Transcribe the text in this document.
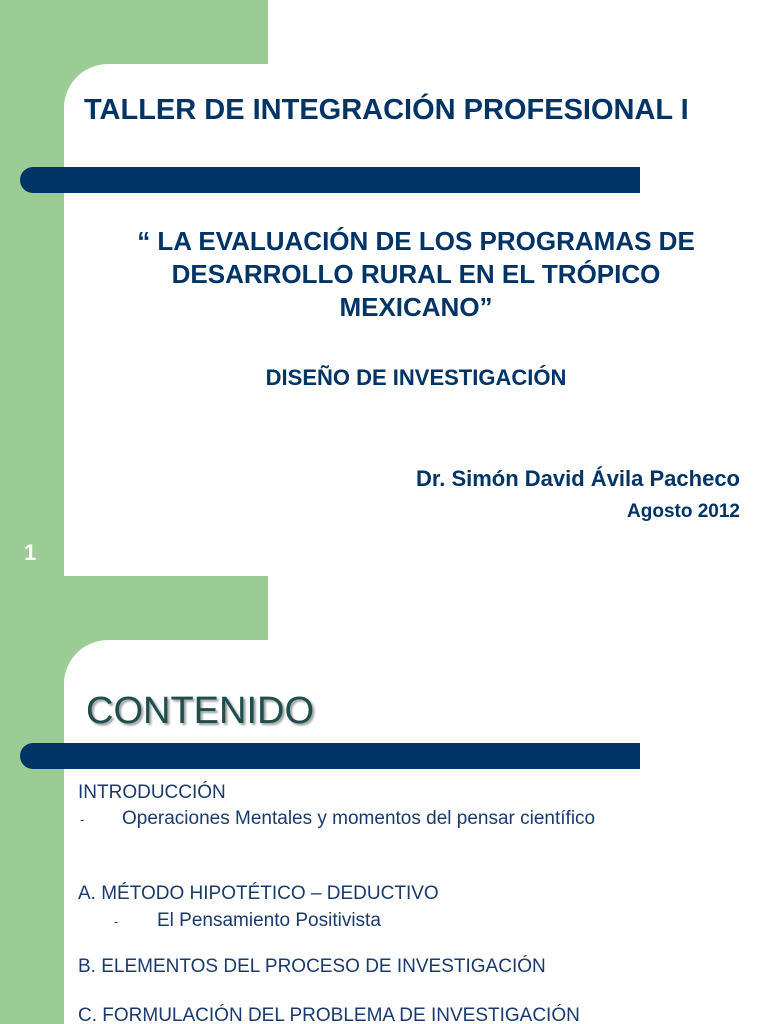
TALLER DE INTEGRACIÓN PROFESIONAL I
“ LA EVALUACIÓN DE LOS PROGRAMAS DE
DESARROLLO RURAL EN EL TRÓPICO
MEXICANO”
DISEÑO DE INVESTIGACIÓN
Dr. Simón David Ávila Pacheco
Agosto 2012
1
CONTENIDO
INTRODUCCIÓN
- Operaciones Mentales y momentos del pensar científico
A. MÉTODO HIPOTÉTICO – DEDUCTIVO
- El Pensamiento Positivista
B. ELEMENTOS DEL PROCESO DE INVESTIGACIÓN
C. FORMULACIÓN DEL PROBLEMA DE INVESTIGACIÓN
